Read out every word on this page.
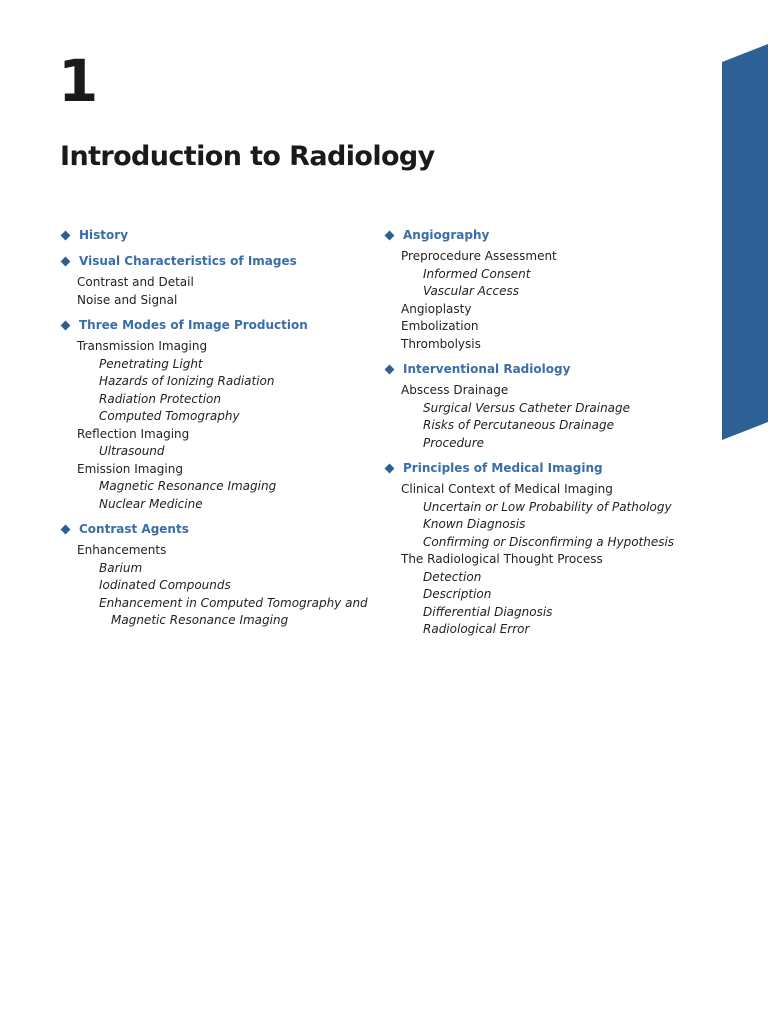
1
Introduction to Radiology
History
Visual Characteristics of Images
Contrast and Detail
Noise and Signal
Three Modes of Image Production
Transmission Imaging
Penetrating Light
Hazards of Ionizing Radiation
Radiation Protection
Computed Tomography
Reflection Imaging
Ultrasound
Emission Imaging
Magnetic Resonance Imaging
Nuclear Medicine
Contrast Agents
Enhancements
Barium
Iodinated Compounds
Enhancement in Computed Tomography and
Magnetic Resonance Imaging
Angiography
Preprocedure Assessment
Informed Consent
Vascular Access
Angioplasty
Embolization
Thrombolysis
Interventional Radiology
Abscess Drainage
Surgical Versus Catheter Drainage
Risks of Percutaneous Drainage
Procedure
Principles of Medical Imaging
Clinical Context of Medical Imaging
Uncertain or Low Probability of Pathology
Known Diagnosis
Confirming or Disconfirming a Hypothesis
The Radiological Thought Process
Detection
Description
Differential Diagnosis
Radiological Error
